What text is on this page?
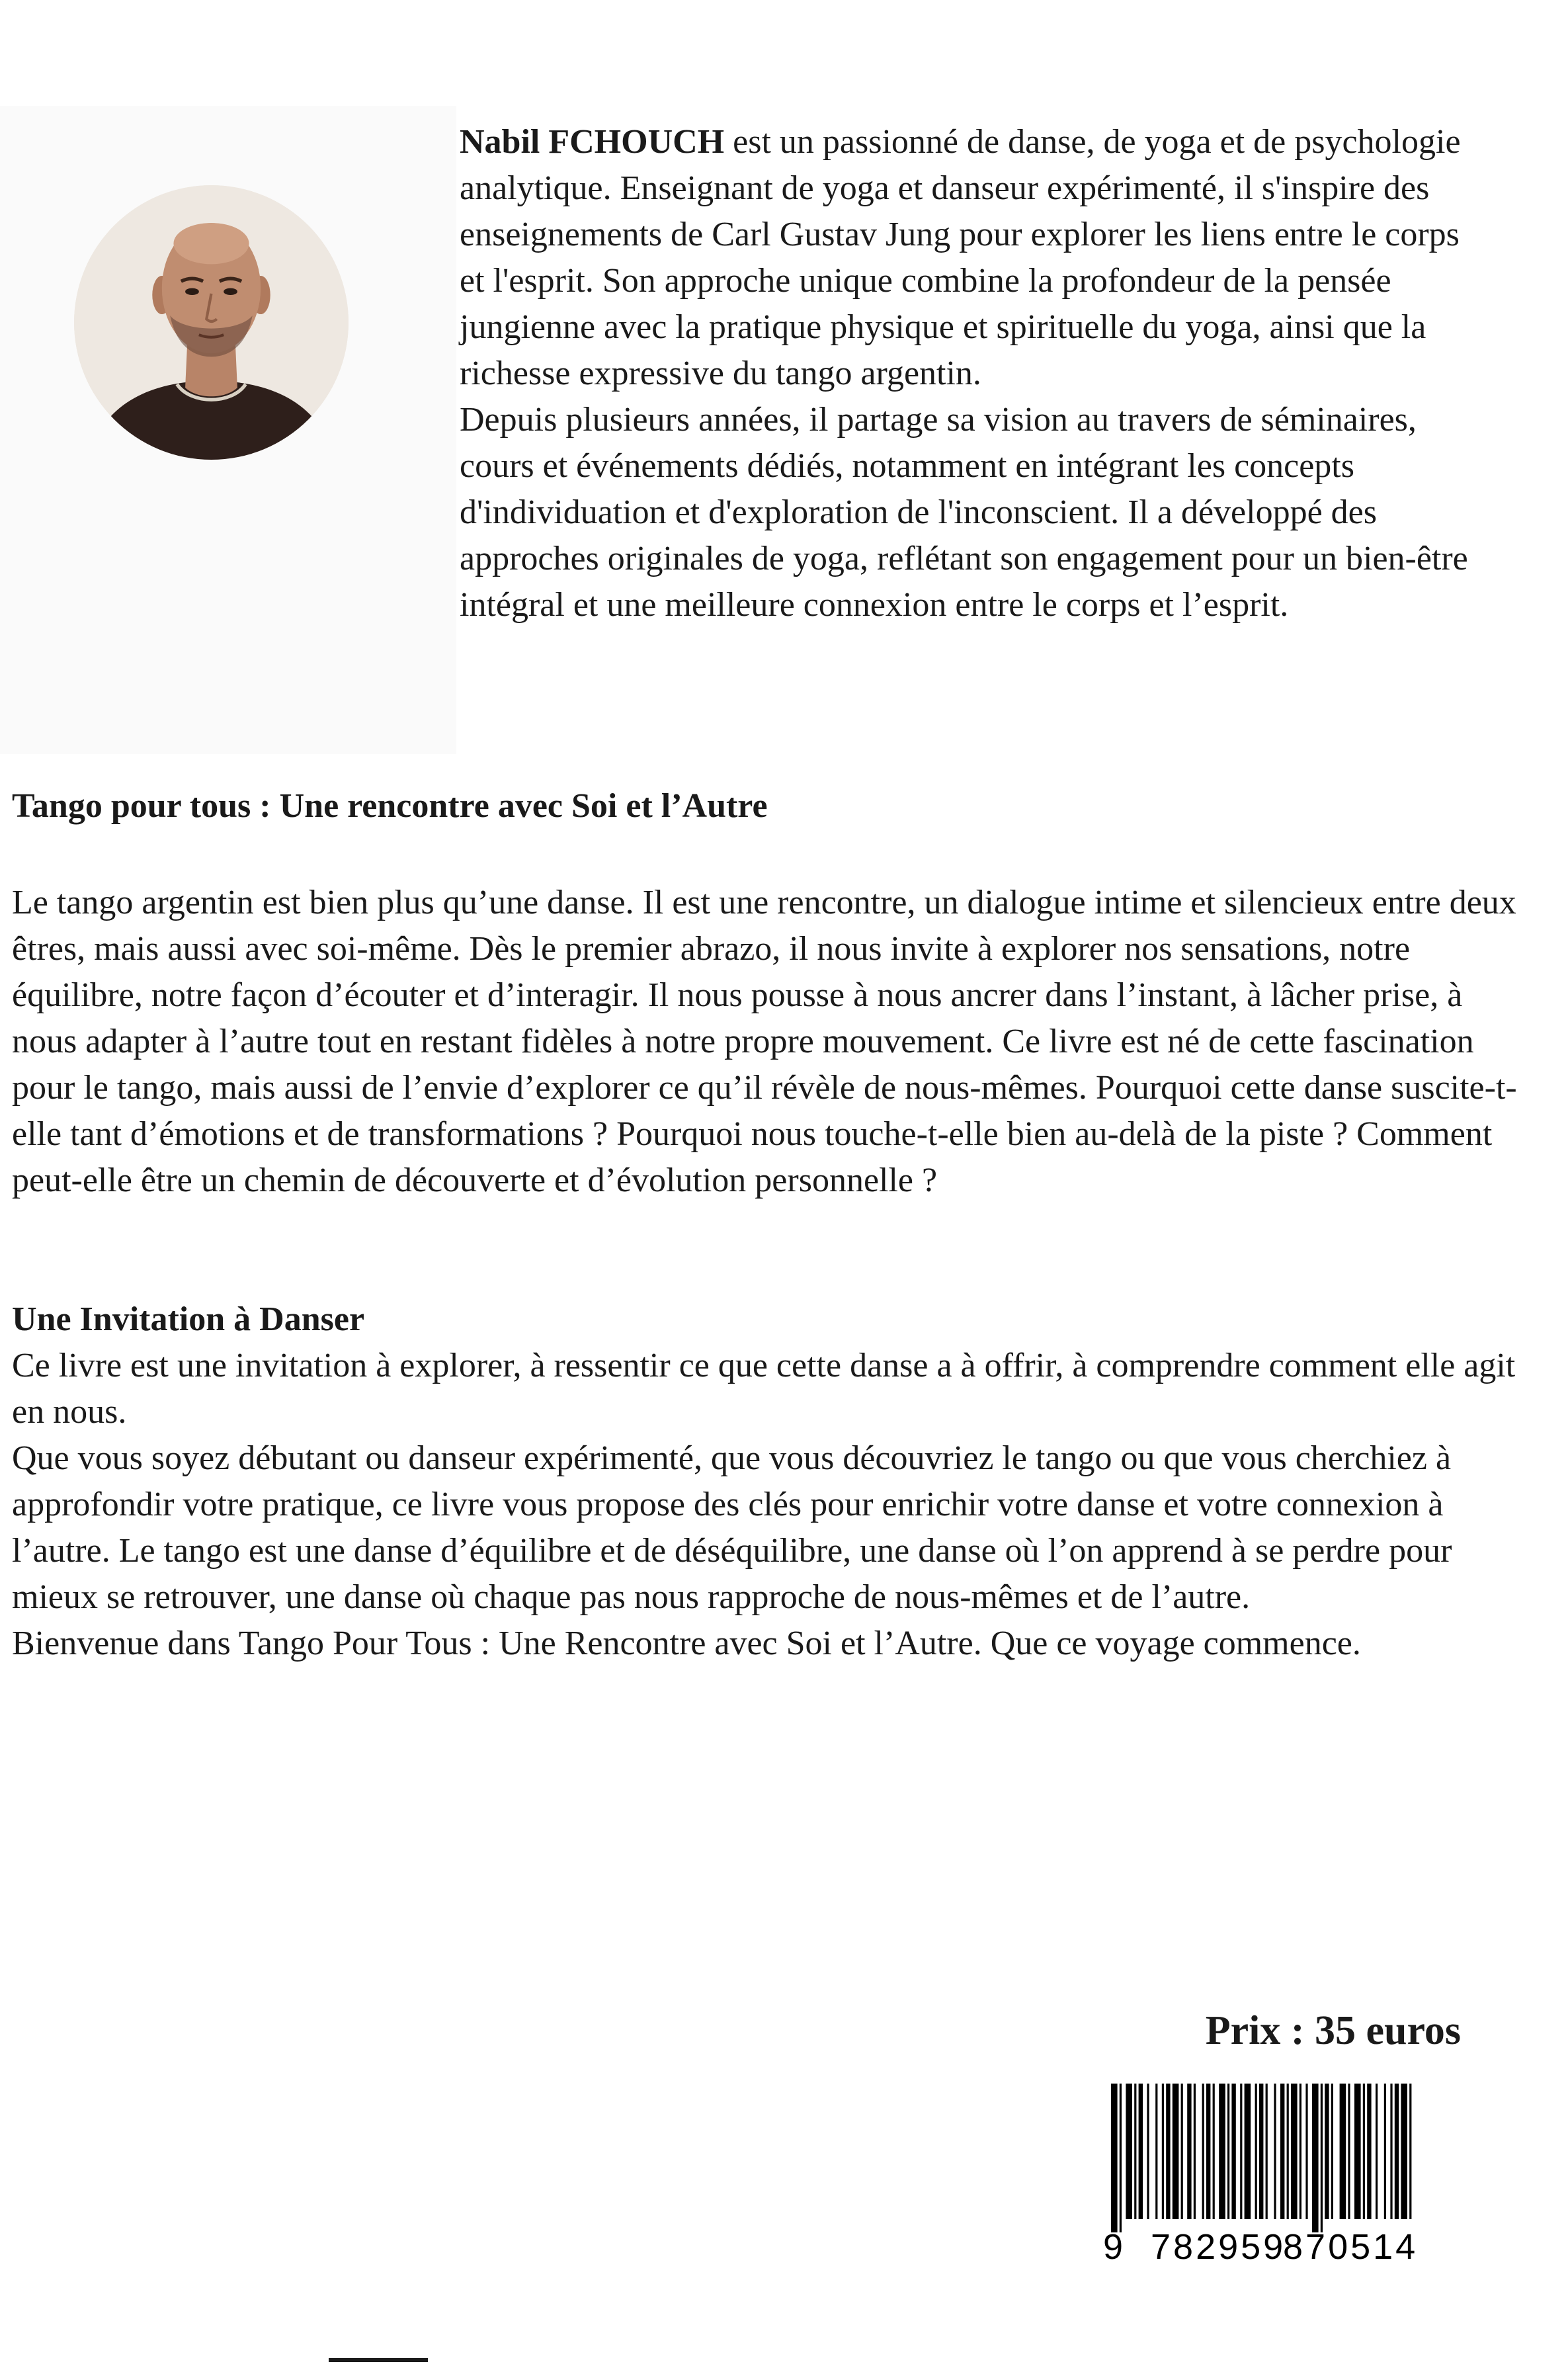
Nabil FCHOUCH est un passionné de danse, de yoga et de psychologie analytique. Enseignant de yoga et danseur expérimenté, il s'inspire des enseignements de Carl Gustav Jung pour explorer les liens entre le corps et l'esprit. Son approche unique combine la profondeur de la pensée jungienne avec la pratique physique et spirituelle du yoga, ainsi que la richesse expressive du tango argentin.

Depuis plusieurs années, il partage sa vision au travers de séminaires, cours et événements dédiés, notamment en intégrant les concepts d'individuation et d'exploration de l'inconscient. Il a développé des approches originales de yoga, reflétant son engagement pour un bien-être intégral et une meilleure connexion entre le corps et l’esprit.

Tango pour tous : Une rencontre avec Soi et l’Autre

Le tango argentin est bien plus qu’une danse. Il est une rencontre, un dialogue intime et silencieux entre deux êtres, mais aussi avec soi-même. Dès le premier abrazo, il nous invite à explorer nos sensations, notre équilibre, notre façon d’écouter et d’interagir. Il nous pousse à nous ancrer dans l’instant, à lâcher prise, à nous adapter à l’autre tout en restant fidèles à notre propre mouvement. Ce livre est né de cette fascination pour le tango, mais aussi de l’envie d’explorer ce qu’il révèle de nous-mêmes. Pourquoi cette danse suscite-t-elle tant d’émotions et de transformations ? Pourquoi nous touche-t-elle bien au-delà de la piste ? Comment peut-elle être un chemin de découverte et d’évolution personnelle ?

Une Invitation à Danser

Ce livre est une invitation à explorer, à ressentir ce que cette danse a à offrir, à comprendre comment elle agit en nous.

Que vous soyez débutant ou danseur expérimenté, que vous découvriez le tango ou que vous cherchiez à approfondir votre pratique, ce livre vous propose des clés pour enrichir votre danse et votre connexion à l’autre. Le tango est une danse d’équilibre et de déséquilibre, une danse où l’on apprend à se perdre pour mieux se retrouver, une danse où chaque pas nous rapproche de nous-mêmes et de l’autre.

Bienvenue dans Tango Pour Tous : Une Rencontre avec Soi et l’Autre. Que ce voyage commence.

Prix : 35 euros
9 782959
870514
